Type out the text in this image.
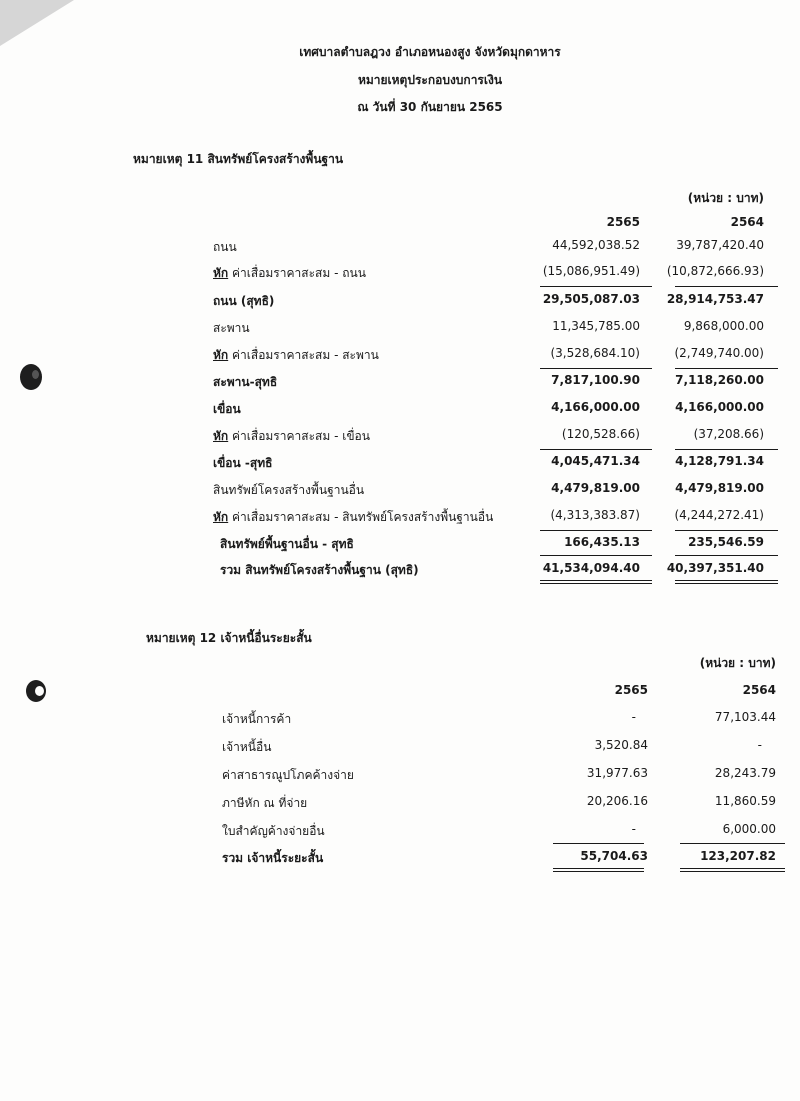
เทศบาลตำบลฎวง อำเภอหนองสูง จังหวัดมุกดาหาร
หมายเหตุประกอบงบการเงิน
ณ วันที่ 30 กันยายน 2565
หมายเหตุ 11 สินทรัพย์โครงสร้างพื้นฐาน
(หน่วย : บาท)
2565	2564
ถนน	44,592,038.52	39,787,420.40
หัก ค่าเสื่อมราคาสะสม - ถนน	(15,086,951.49) (10,872,666.93)
ถนน (สุทธิ)	29,505,087.03 28,914,753.47
สะพาน	11,345,785.00	9,868,000.00
หัก ค่าเสื่อมราคาสะสม - สะพาน	(3,528,684.10)	(2,749,740.00)
สะพาน-สุทธิ	7,817,100.90	7,118,260.00
เขื่อน	4,166,000.00	4,166,000.00
หัก ค่าเสื่อมราคาสะสม - เขื่อน	(120,528.66)	(37,208.66)
เขื่อน -สุทธิ	4,045,471.34	4,128,791.34
สินทรัพย์โครงสร้างพื้นฐานอื่น	4,479,819.00	4,479,819.00
หัก ค่าเสื่อมราคาสะสม - สินทรัพย์โครงสร้างพื้นฐานอื่น	(4,313,383.87)	(4,244,272.41)
สินทรัพย์พื้นฐานอื่น - สุทธิ	166,435.13	235,546.59
รวม สินทรัพย์โครงสร้างพื้นฐาน (สุทธิ)	41,534,094.40 40,397,351.40
หมายเหตุ 12 เจ้าหนี้อื่นระยะสั้น
(หน่วย : บาท)
2565	2564
เจ้าหนี้การค้า	-	77,103.44
เจ้าหนี้อื่น	3,520.84	-
ค่าสาธารณูปโภคค้างจ่าย	31,977.63	28,243.79
ภาษีหัก ณ ที่จ่าย	20,206.16	11,860.59
ใบสำคัญค้างจ่ายอื่น	-	6,000.00
รวม เจ้าหนี้ระยะสั้น	55,704.63	123,207.82
